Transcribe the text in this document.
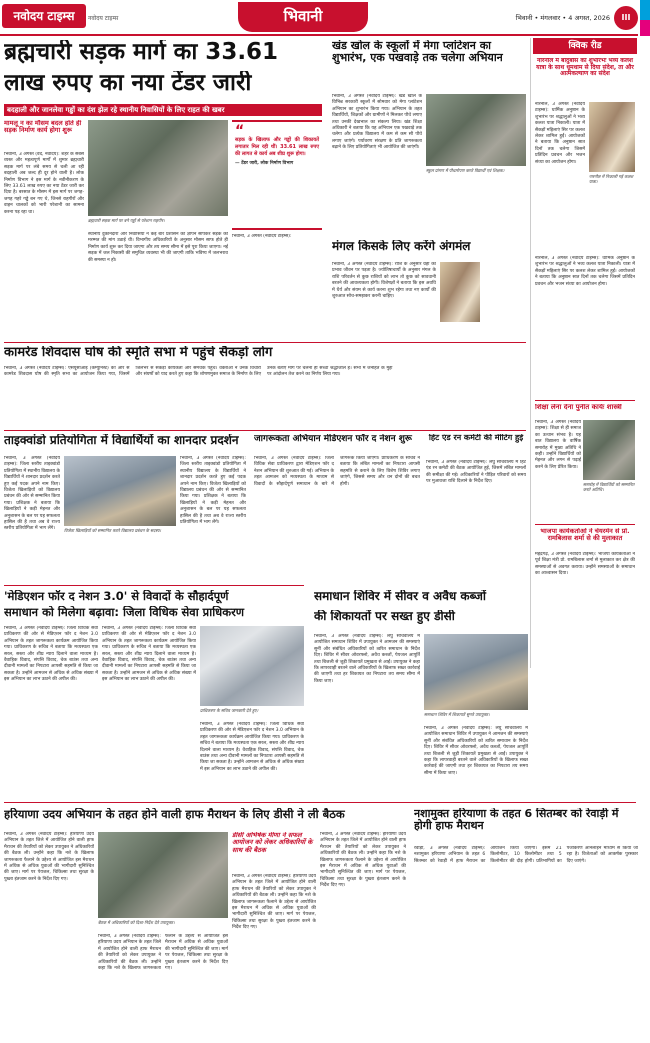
नवोदय टाइम्स	नवोदय टाइम्स	भिवानी	भिवानी • मंगलवार • 4 अगस्त, 2026	III
ब्रह्मचारी सड़क मार्ग का 33.61
लाख रुपए का नया टेंडर जारी
बदहाली और जानलेवा गड्ढों का दंश झेल रहे स्थानीय निवासियों के लिए राहत की खबर
मामलू न का मौसम बदल होते ही सड़क निर्माण कार्य होगा शुरू
भिवानी, 3 अगस्त (वेद, नवोदय): शहर के सबसे व्यस्त और महत्वपूर्ण मार्गों में शुमार ब्रह्मचारी सड़क मार्ग पर लंबे समय से चली आ रही बदहाली अब जल्द ही दूर होने वाली है। लोक निर्माण विभाग ने इस मार्ग के नवीनीकरण के लिए 33.61 लाख रुपए का नया टेंडर जारी कर दिया है। बरसात के मौसम में इस मार्ग पर जगह-जगह गहरे गड्ढे बन गए थे, जिनसे राहगीरों और वाहन चालकों को भारी परेशानी का सामना करना पड़ रहा था।
ब्रह्मचारी सड़क मार्ग पर बने गड्ढों से परेशान राहगीर।
स्थानीय दुकानदारों और निवासियों ने कई बार प्रशासन को ज्ञापन सौंपकर सड़क की मरम्मत की मांग उठाई थी। विभागीय अधिकारियों के अनुसार मौसम साफ होते ही निर्माण कार्य शुरू कर दिया जाएगा और तय समय सीमा में इसे पूरा किया जाएगा। नई सड़क में जल निकासी की समुचित व्यवस्था भी की जाएगी ताकि भविष्य में जलभराव की समस्या न हो।
“
सड़क के खिलाफ और गड्ढों की शिकायतें लगातार मिल रही थीं। 33.61 लाख रुपए की लागत से कार्य अब शीघ्र शुरू होगा।
— टेंडर जारी, लोक निर्माण विभाग
भिवानी, 3 अगस्त (नवोदय टाइम्स):
खंड खोल के स्कूलों में मेगा प्लांटेशन का शुभारंभ, एक पखवाड़े तक चलेगा अभियान
भिवानी, 3 अगस्त (नवोदय टाइम्स): खंड खोल के विभिन्न सरकारी स्कूलों में सोमवार को मेगा प्लांटेशन अभियान का शुभारंभ किया गया। अभियान के तहत विद्यार्थियों, शिक्षकों और ग्रामीणों ने मिलकर पौधे लगाए तथा उनकी देखभाल का संकल्प लिया। खंड शिक्षा अधिकारी ने बताया कि यह अभियान एक पखवाड़े तक चलेगा और प्रत्येक विद्यालय में कम से कम सौ पौधे लगाए जाएंगे। पर्यावरण संरक्षण के प्रति जागरूकता बढ़ाने के लिए प्रतियोगिताएं भी आयोजित की जाएंगी।
स्कूल प्रांगण में पौधारोपण करते विद्यार्थी एवं शिक्षक।
मंगल किसके लिए करेंगे अंगमंल
भिवानी, 3 अगस्त (नवोदय टाइम्स): राशि के अनुसार ग्रहों का प्रभाव जीवन पर पड़ता है। ज्योतिषाचार्यों के अनुसार मंगल के राशि परिवर्तन से कुछ राशियों को लाभ तो कुछ को सावधानी बरतने की आवश्यकता होगी। विशेषज्ञों ने बताया कि इस अवधि में धैर्य और संयम से कार्य करना शुभ रहेगा तथा नए कार्यों की शुरुआत सोच-समझकर करनी चाहिए।
कामरेड शिवदास घोष की स्मृति सभा में पहुंचे सैकड़ों लोग
भिवानी, 3 अगस्त (नवोदय टाइम्स): एसयूसीआई (कम्युनिस्ट) की ओर से कामरेड शिवदास घोष की स्मृति सभा का आयोजन किया गया, जिसमें जिलेभर से सैकड़ों कार्यकर्ता और समर्थक पहुंचे। वक्ताओं ने उनके विचारों और संघर्षों को याद करते हुए कहा कि शोषणमुक्त समाज के निर्माण के लिए उनके बताए मार्ग पर चलना ही सच्ची श्रद्धांजलि है। सभा में जनहित के मुद्दों पर आंदोलन तेज करने का निर्णय लिया गया।
ताइक्वांडो प्रतियोगिता में विद्यार्थियों का शानदार प्रदर्शन
भिवानी, 3 अगस्त (नवोदय टाइम्स): जिला स्तरीय ताइक्वांडो प्रतियोगिता में स्थानीय विद्यालय के विद्यार्थियों ने शानदार प्रदर्शन करते हुए कई पदक अपने नाम किए। विजेता खिलाड़ियों को विद्यालय प्रबंधन की ओर से सम्मानित किया गया। प्रशिक्षक ने बताया कि खिलाड़ियों ने कड़ी मेहनत और अनुशासन के बल पर यह सफलता हासिल की है तथा अब वे राज्य स्तरीय प्रतियोगिता में भाग लेंगे।	विजेता खिलाड़ियों को सम्मानित करते विद्यालय प्रबंधन के सदस्य।
भिवानी, 3 अगस्त (नवोदय टाइम्स): जिला स्तरीय ताइक्वांडो प्रतियोगिता में स्थानीय विद्यालय के विद्यार्थियों ने शानदार प्रदर्शन करते हुए कई पदक अपने नाम किए। विजेता खिलाड़ियों को विद्यालय प्रबंधन की ओर से सम्मानित किया गया। प्रशिक्षक ने बताया कि खिलाड़ियों ने कड़ी मेहनत और अनुशासन के बल पर यह सफलता हासिल की है तथा अब वे राज्य स्तरीय प्रतियोगिता में भाग लेंगे।
जागरूकता अभियान मेडिएशन फॉर द नेशन शुरू
भिवानी, 3 अगस्त (नवोदय टाइम्स): जिला विधिक सेवा प्राधिकरण द्वारा मेडिएशन फॉर द नेशन अभियान की शुरुआत की गई। अभियान के तहत आमजन को मध्यस्थता के माध्यम से विवादों के सौहार्दपूर्ण समाधान के बारे में जागरूक किया जाएगा। प्राधिकरण के सचिव ने बताया कि लंबित मामलों का निपटारा आपसी सहमति से कराने के लिए विशेष शिविर लगाए जाएंगे, जिससे समय और धन दोनों की बचत होगी।
हिट एंड रन कमेटी की मीटिंग हुई
भिवानी, 3 अगस्त (नवोदय टाइम्स): लघु सचिवालय में हिट एंड रन कमेटी की बैठक आयोजित हुई, जिसमें लंबित मामलों की समीक्षा की गई। अधिकारियों ने पीड़ित परिवारों को समय पर मुआवजा राशि दिलाने के निर्देश दिए।
क्विक रीड
नारनौल में बादुर्बास का शुभारंभः भव्य कलश यात्रा के साथ धूमधाम से दिया संदेश, ता और आत्मकल्याण का संदेश
नारनौल, 3 अगस्त (नवोदय टाइम्स): धार्मिक अनुष्ठान के शुभारंभ पर श्रद्धालुओं ने भव्य कलश यात्रा निकाली। यात्रा में सैकड़ों महिलाएं सिर पर कलश लेकर शामिल हुईं। आयोजकों ने बताया कि अनुष्ठान सात दिनों तक चलेगा जिसमें प्रतिदिन प्रवचन और भजन संध्या का आयोजन होगा।
नारनौल में निकाली गई कलश यात्रा।
नारनौल, 3 अगस्त (नवोदय टाइम्स): धार्मिक अनुष्ठान के शुभारंभ पर श्रद्धालुओं ने भव्य कलश यात्रा निकाली। यात्रा में सैकड़ों महिलाएं सिर पर कलश लेकर शामिल हुईं। आयोजकों ने बताया कि अनुष्ठान सात दिनों तक चलेगा जिसमें प्रतिदिन प्रवचन और भजन संध्या का आयोजन होगा।
शिक्षा लेना देना पुनीत कार्यः शास्त्री
भिवानी, 3 अगस्त (नवोदय टाइम्स): शिक्षा से ही समाज का उत्थान संभव है। यह बात विद्यालय के वार्षिक समारोह में मुख्य अतिथि ने कही। उन्होंने विद्यार्थियों को मेहनत और लगन से पढ़ाई करने के लिए प्रेरित किया।
समारोह में विद्यार्थियों को सम्मानित करते अतिथि।
भाजपा कार्यकर्ताओं ने चेयरमेन से प्रो. रामबिलास शर्मा से की मुलाकात
महेंद्रगढ़, 3 अगस्त (नवोदय टाइम्स): भाजपा कार्यकर्ताओं ने पूर्व शिक्षा मंत्री प्रो. रामबिलास शर्मा से मुलाकात कर क्षेत्र की समस्याओं से अवगत कराया। उन्होंने समस्याओं के समाधान का आश्वासन दिया।
'मेडिएशन फॉर द नेशन 3.0' से विवादों के सौहार्दपूर्ण
समाधान को मिलेगा बढ़ावा: जिला विधिक सेवा प्राधिकरण
भिवानी, 3 अगस्त (नवोदय टाइम्स): जिला विधिक सेवा प्राधिकरण की ओर से मेडिएशन फॉर द नेशन 3.0 अभियान के तहत जागरूकता कार्यक्रम आयोजित किया गया। प्राधिकरण के सचिव ने बताया कि मध्यस्थता एक सरल, सस्ता और शीघ्र न्याय दिलाने वाला माध्यम है। वैवाहिक विवाद, संपत्ति विवाद, चेक बाउंस तथा अन्य दीवानी मामलों का निपटारा आपसी सहमति से किया जा सकता है। उन्होंने आमजन से अधिक से अधिक संख्या में इस अभियान का लाभ उठाने की अपील की।
भिवानी, 3 अगस्त (नवोदय टाइम्स): जिला विधिक सेवा प्राधिकरण की ओर से मेडिएशन फॉर द नेशन 3.0 अभियान के तहत जागरूकता कार्यक्रम आयोजित किया गया। प्राधिकरण के सचिव ने बताया कि मध्यस्थता एक सरल, सस्ता और शीघ्र न्याय दिलाने वाला माध्यम है। वैवाहिक विवाद, संपत्ति विवाद, चेक बाउंस तथा अन्य दीवानी मामलों का निपटारा आपसी सहमति से किया जा सकता है। उन्होंने आमजन से अधिक से अधिक संख्या में इस अभियान का लाभ उठाने की अपील की।
प्राधिकरण के सचिव जानकारी देते हुए।
भिवानी, 3 अगस्त (नवोदय टाइम्स): जिला विधिक सेवा प्राधिकरण की ओर से मेडिएशन फॉर द नेशन 3.0 अभियान के तहत जागरूकता कार्यक्रम आयोजित किया गया। प्राधिकरण के सचिव ने बताया कि मध्यस्थता एक सरल, सस्ता और शीघ्र न्याय दिलाने वाला माध्यम है। वैवाहिक विवाद, संपत्ति विवाद, चेक बाउंस तथा अन्य दीवानी मामलों का निपटारा आपसी सहमति से किया जा सकता है। उन्होंने आमजन से अधिक से अधिक संख्या में इस अभियान का लाभ उठाने की अपील की।
समाधान शिविर में सीवर व अवैध कब्जों
की शिकायतों पर सख्त हुए डीसी
भिवानी, 3 अगस्त (नवोदय टाइम्स): लघु सचिवालय में आयोजित समाधान शिविर में उपायुक्त ने आमजन की समस्याएं सुनीं और संबंधित अधिकारियों को त्वरित समाधान के निर्देश दिए। शिविर में सीवर ओवरफ्लो, अवैध कब्जों, पेयजल आपूर्ति तथा बिजली से जुड़ी शिकायतें प्रमुखता से आईं। उपायुक्त ने कहा कि लापरवाही बरतने वाले अधिकारियों के खिलाफ सख्त कार्रवाई की जाएगी तथा हर शिकायत का निपटारा तय समय सीमा में किया जाए।
समाधान शिविर में शिकायतें सुनते उपायुक्त।
भिवानी, 3 अगस्त (नवोदय टाइम्स): लघु सचिवालय में आयोजित समाधान शिविर में उपायुक्त ने आमजन की समस्याएं सुनीं और संबंधित अधिकारियों को त्वरित समाधान के निर्देश दिए। शिविर में सीवर ओवरफ्लो, अवैध कब्जों, पेयजल आपूर्ति तथा बिजली से जुड़ी शिकायतें प्रमुखता से आईं। उपायुक्त ने कहा कि लापरवाही बरतने वाले अधिकारियों के खिलाफ सख्त कार्रवाई की जाएगी तथा हर शिकायत का निपटारा तय समय सीमा में किया जाए।
हरियाणा उदय अभियान के तहत होने वाली हाफ मैराथन के लिए डीसी ने ली बैठक
भिवानी, 3 अगस्त (नवोदय टाइम्स): हरियाणा उदय अभियान के तहत जिले में आयोजित होने वाली हाफ मैराथन की तैयारियों को लेकर उपायुक्त ने अधिकारियों की बैठक ली। उन्होंने कहा कि नशे के खिलाफ जागरूकता फैलाने के उद्देश्य से आयोजित इस मैराथन में अधिक से अधिक युवाओं की भागीदारी सुनिश्चित की जाए। मार्ग पर पेयजल, चिकित्सा तथा सुरक्षा के पुख्ता इंतजाम करने के निर्देश दिए गए।
बैठक में अधिकारियों को दिशा-निर्देश देते उपायुक्त।
भिवानी, 3 अगस्त (नवोदय टाइम्स): हरियाणा उदय अभियान के तहत जिले में आयोजित होने वाली हाफ मैराथन की तैयारियों को लेकर उपायुक्त ने अधिकारियों की बैठक ली। उन्होंने कहा कि नशे के खिलाफ जागरूकता फैलाने के उद्देश्य से आयोजित इस मैराथन में अधिक से अधिक युवाओं की भागीदारी सुनिश्चित की जाए। मार्ग पर पेयजल, चिकित्सा तथा सुरक्षा के पुख्ता इंतजाम करने के निर्देश दिए गए।
डीसी अभिषेक मीणा ने सफल आयोजन को लेकर अधिकारियों के साथ की बैठक
भिवानी, 3 अगस्त (नवोदय टाइम्स): हरियाणा उदय अभियान के तहत जिले में आयोजित होने वाली हाफ मैराथन की तैयारियों को लेकर उपायुक्त ने अधिकारियों की बैठक ली। उन्होंने कहा कि नशे के खिलाफ जागरूकता फैलाने के उद्देश्य से आयोजित इस मैराथन में अधिक से अधिक युवाओं की भागीदारी सुनिश्चित की जाए। मार्ग पर पेयजल, चिकित्सा तथा सुरक्षा के पुख्ता इंतजाम करने के निर्देश दिए गए।
भिवानी, 3 अगस्त (नवोदय टाइम्स): हरियाणा उदय अभियान के तहत जिले में आयोजित होने वाली हाफ मैराथन की तैयारियों को लेकर उपायुक्त ने अधिकारियों की बैठक ली। उन्होंने कहा कि नशे के खिलाफ जागरूकता फैलाने के उद्देश्य से आयोजित इस मैराथन में अधिक से अधिक युवाओं की भागीदारी सुनिश्चित की जाए। मार्ग पर पेयजल, चिकित्सा तथा सुरक्षा के पुख्ता इंतजाम करने के निर्देश दिए गए।
नशामुक्त हरियाणा के तहत 6 सितम्बर को रेवाड़ी में होगी हाफ मैराथन
रेवाड़ी, 3 अगस्त (नवोदय टाइम्स): नशामुक्त हरियाणा अभियान के तहत 6 सितम्बर को रेवाड़ी में हाफ मैराथन का आयोजन किया जाएगा। इसमें 21 किलोमीटर, 10 किलोमीटर तथा 5 किलोमीटर की दौड़ होगी। प्रतिभागियों का पंजीकरण ऑनलाइन माध्यम से किया जा रहा है। विजेताओं को आकर्षक पुरस्कार दिए जाएंगे।
